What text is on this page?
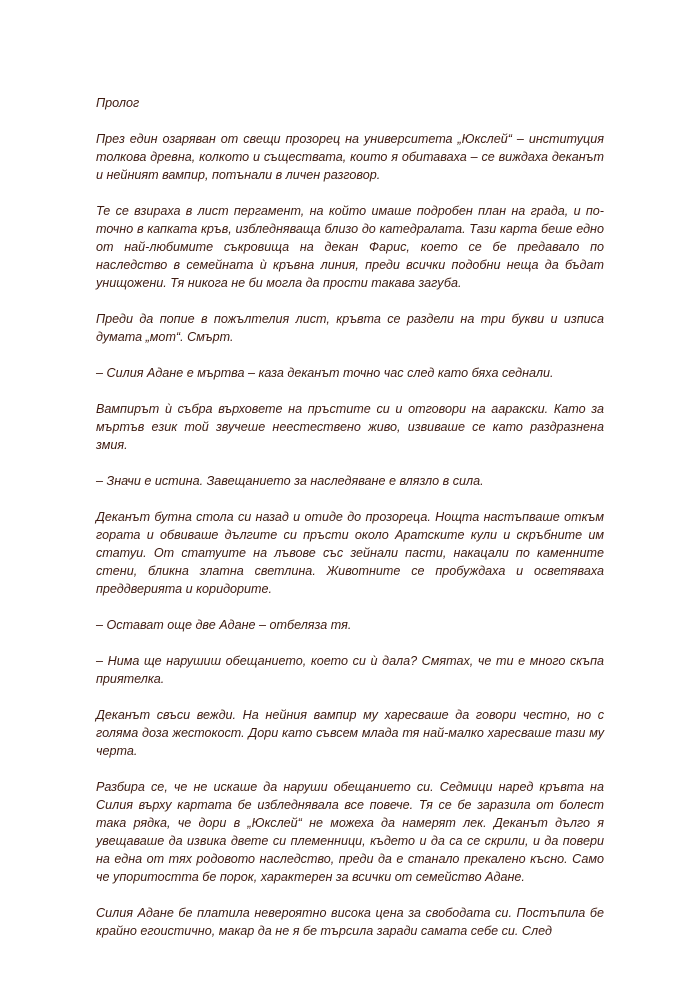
Пролог

През един озаряван от свещи прозорец на университета „Юкслей“ – институция толкова древна, колкото и съществата, които я обитаваха – се виждаха деканът и нейният вампир, потънали в личен разговор.

Те се взираха в лист пергамент, на който имаше подробен план на града, и по-точно в капката кръв, избледняваща близо до катедралата. Тази карта беше едно от най-любимите съкровища на декан Фарис, което се бе предавало по наследство в семейната ѝ кръвна линия, преди всички подобни неща да бъдат унищожени. Тя никога не би могла да прости такава загуба.

Преди да попие в пожълтелия лист, кръвта се раздели на три букви и изписа думата „мот“. Смърт.

– Силия Адане е мъртва – каза деканът точно час след като бяха седнали.

Вампирът ѝ събра върховете на пръстите си и отговори на аараксκи. Като за мъртъв език той звучеше неестествено живо, извиваше се като раздразнена змия.

– Значи е истина. Завещанието за наследяване е влязло в сила.

Деканът бутна стола си назад и отиде до прозореца. Нощта настъпваше откъм гората и обвиваше дългите си пръсти около Аратските кули и скръбните им статуи. От статуите на лъвове със зейнали пасти, накацали по каменните стени, бликна златна светлина. Животните се пробуждаха и осветяваха преддверията и коридорите.

– Остават още две Адане – отбеляза тя.

– Нима ще нарушиш обещанието, което си ѝ дала? Смятах, че ти е много скъпа приятелка.

Деканът свъси вежди. На нейния вампир му харесваше да говори честно, но с голяма доза жестокост. Дори като съвсем млада тя най-малко харесваше тази му черта.

Разбира се, че не искаше да наруши обещанието си. Седмици наред кръвта на Силия върху картата бе избледнявала все повече. Тя се бе заразила от болест така рядка, че дори в „Юкслей“ не можеха да намерят лек. Деканът дълго я увещаваше да извика двете си племенници, където и да са се скрили, и да повери на една от тях родовото наследство, преди да е станало прекалено късно. Само че упоритостта бе порок, характерен за всички от семейство Адане.

Силия Адане бе платила невероятно висока цена за свободата си. Постъпила бе крайно егоистично, макар да не я бе търсила заради самата себе си. След
